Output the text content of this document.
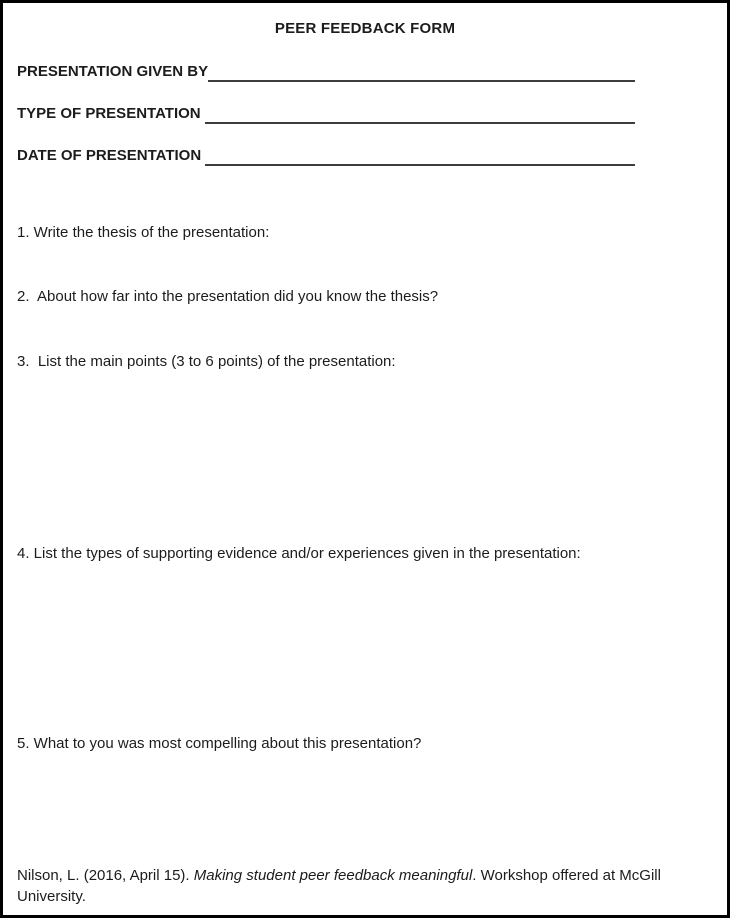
PEER FEEDBACK FORM
PRESENTATION GIVEN BY
TYPE OF PRESENTATION
DATE OF PRESENTATION

1. Write the thesis of the presentation:

2.  About how far into the presentation did you know the thesis?

3.  List the main points (3 to 6 points) of the presentation:

4. List the types of supporting evidence and/or experiences given in the presentation:

5. What to you was most compelling about this presentation?

Nilson, L. (2016, April 15). Making student peer feedback meaningful. Workshop offered at McGill University.
